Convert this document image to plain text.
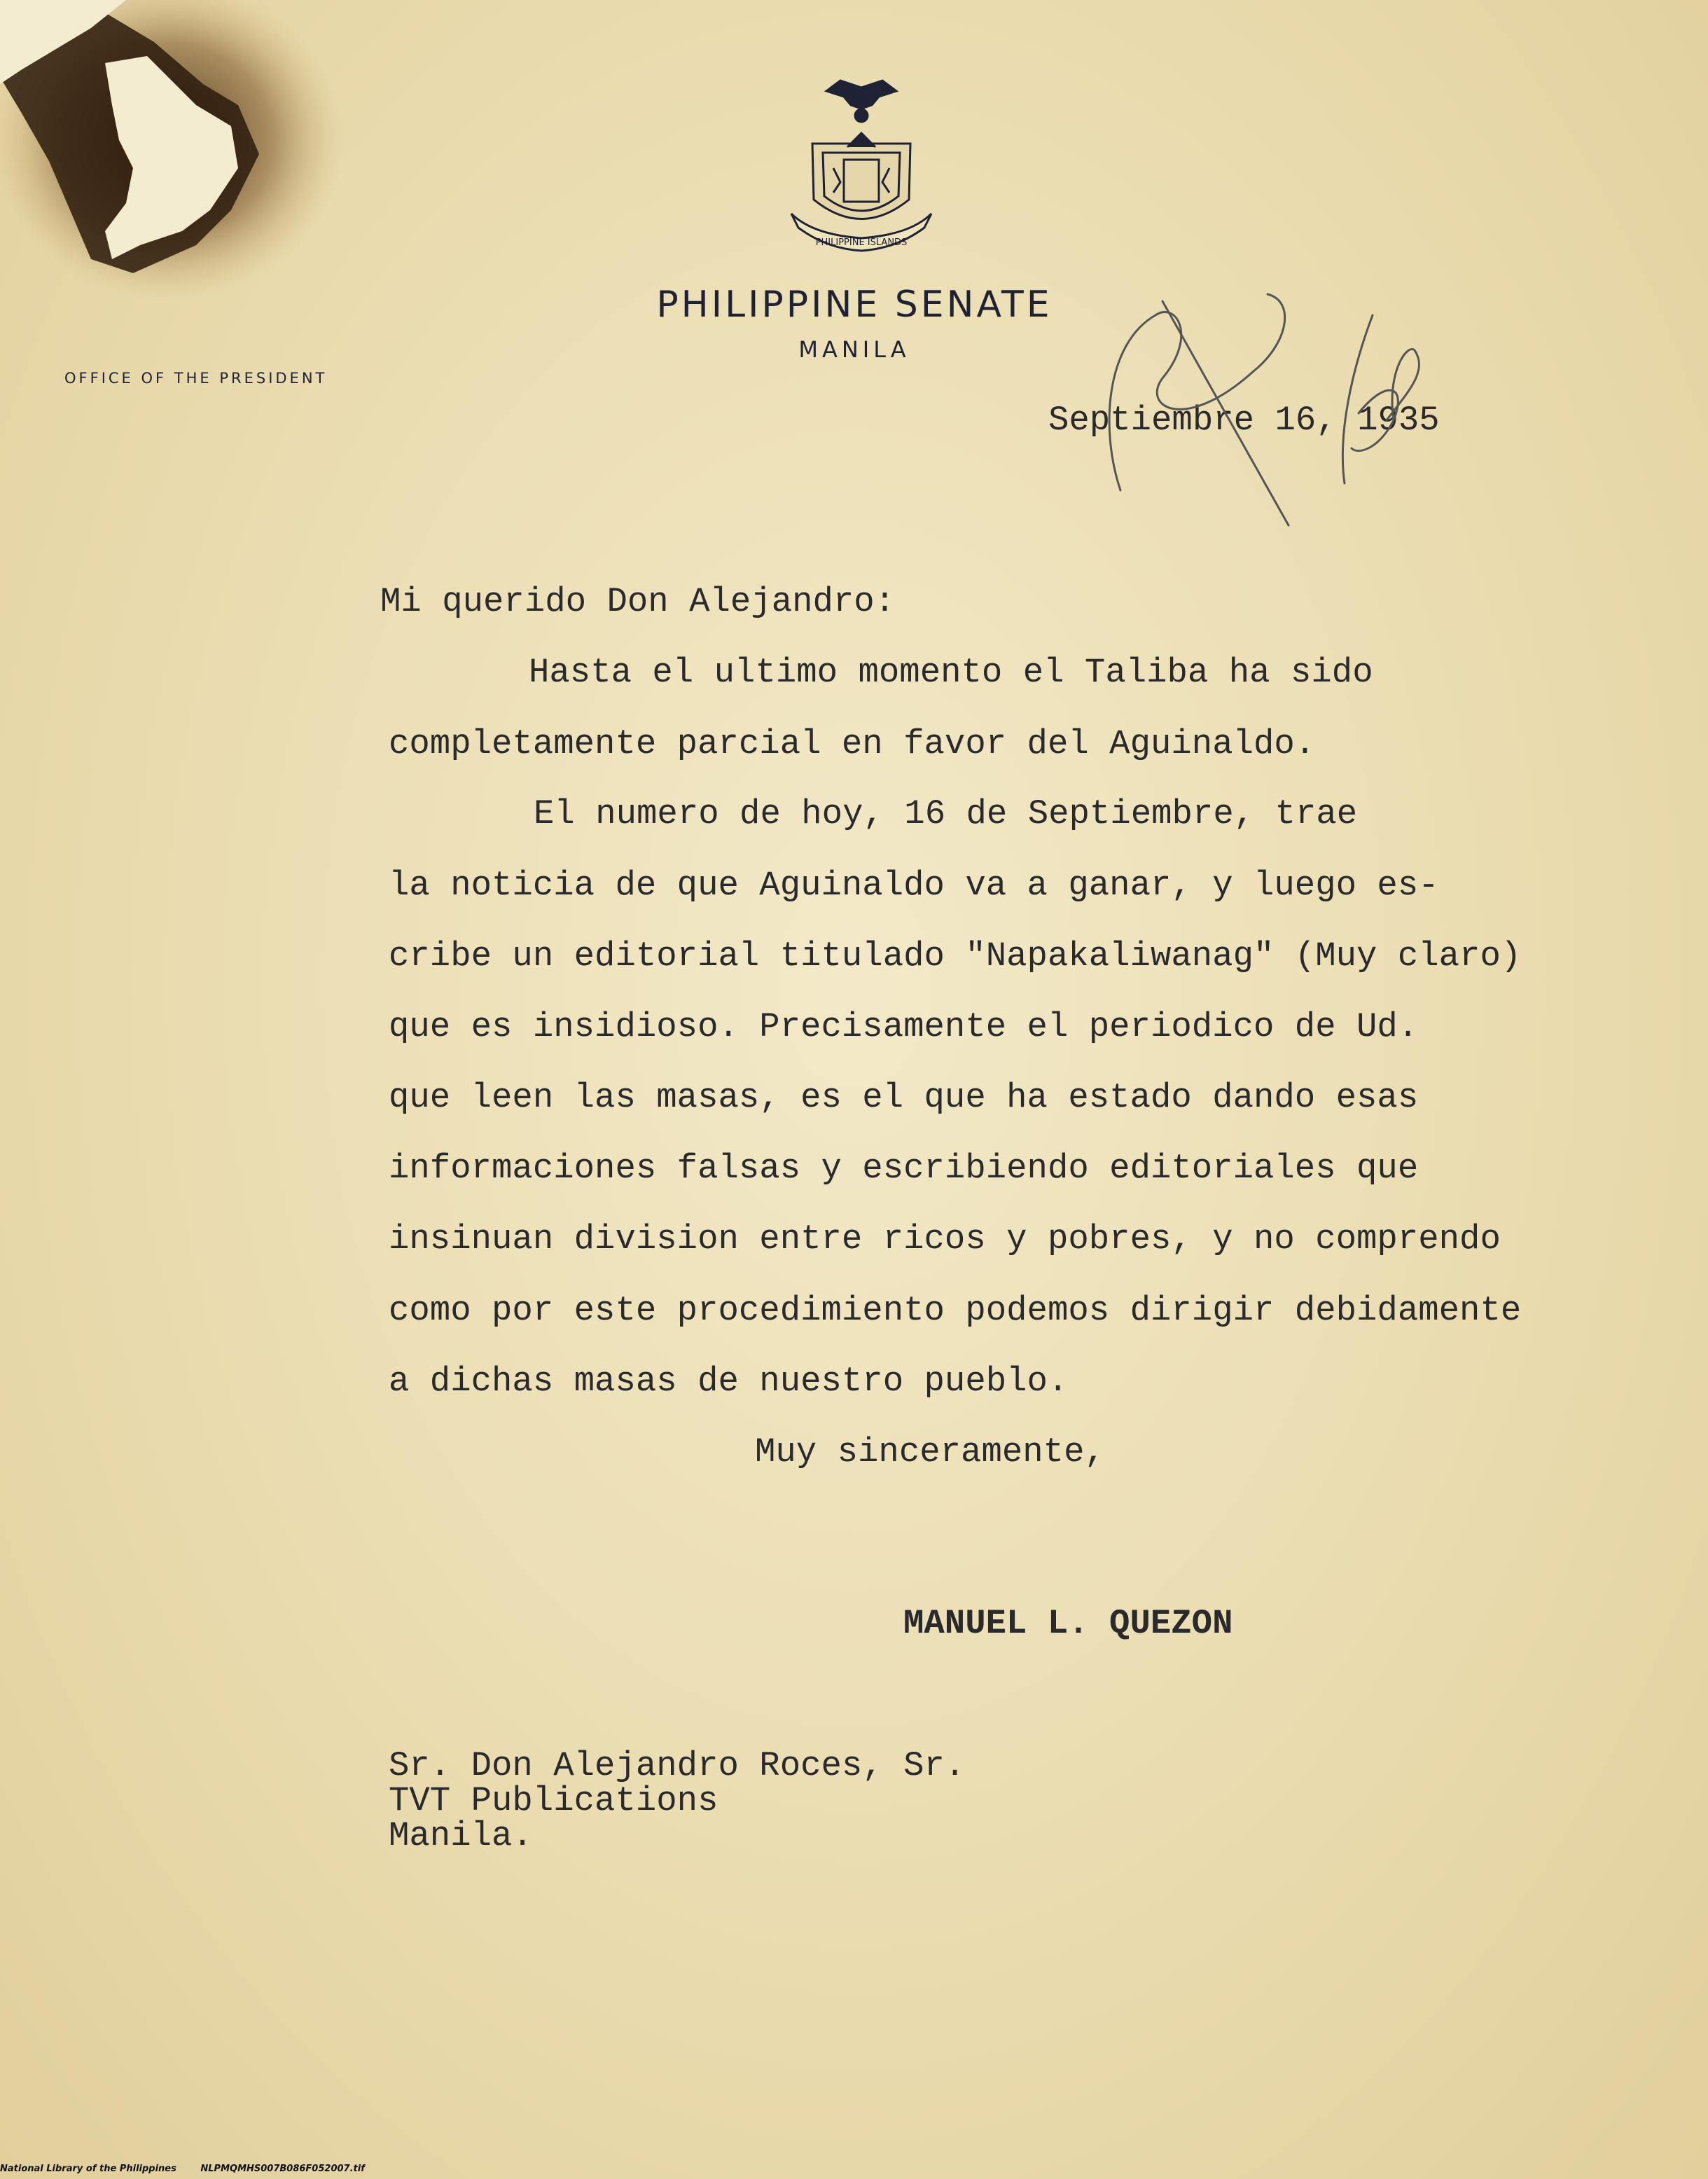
PHILIPPINE ISLANDS
PHILIPPINE SENATE
MANILA
OFFICE OF THE PRESIDENT
Septiembre 16, 1935
Mi querido Don Alejandro:
Hasta el ultimo momento el Taliba ha sido
completamente parcial en favor del Aguinaldo.
El numero de hoy, 16 de Septiembre, trae
la noticia de que Aguinaldo va a ganar, y luego es-
cribe un editorial titulado "Napakaliwanag" (Muy claro)
que es insidioso. Precisamente el periodico de Ud.
que leen las masas, es el que ha estado dando esas
informaciones falsas y escribiendo editoriales que
insinuan division entre ricos y pobres, y no comprendo
como por este procedimiento podemos dirigir debidamente
a dichas masas de nuestro pueblo.
Muy sinceramente,
MANUEL L. QUEZON
Sr. Don Alejandro Roces, Sr.
TVT Publications
Manila.
National Library of the Philippines	NLPMQMHS007B086F052007.tif
